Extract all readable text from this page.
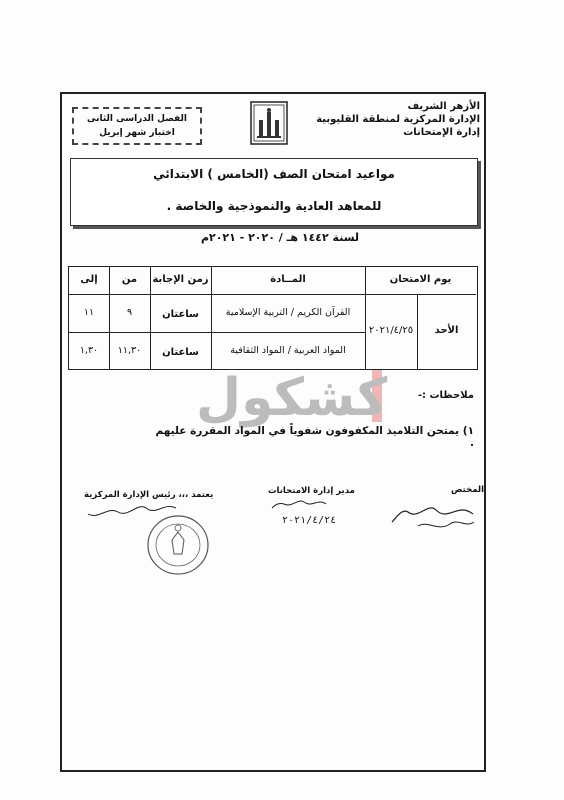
الأزهر الشريف
الإدارة المركزية لمنطقة القليوبية
إدارة الإمتحانات
الفصل الدراسى الثانى
اختبار شهر إبريل
مواعيد امتحان الصف (الخامس ) الابتدائي
للمعاهد العادية والنموذجية والخاصة .
لسنة ١٤٤٢ هـ / ٢٠٢٠ - ٢٠٢١م
يوم الامتحان
المــادة
زمن الإجابة
من
إلى
الأحد
٢٠٢١/٤/٢٥
القرآن الكريم / التربية الإسلامية
ساعتان
٩
١١
المواد العربية / المواد الثقافية
ساعتان
١١,٣٠
١,٣٠
كشكول	ملاحظات :-
١) يمتحن التلاميذ المكفوفون شفوياً في المواد المقررة عليهم .
المختص
مدير إدارة الامتحانات
يعتمد ،،، رئيس الإدارة المركزية
٢٠٢١/٤/٢٤
